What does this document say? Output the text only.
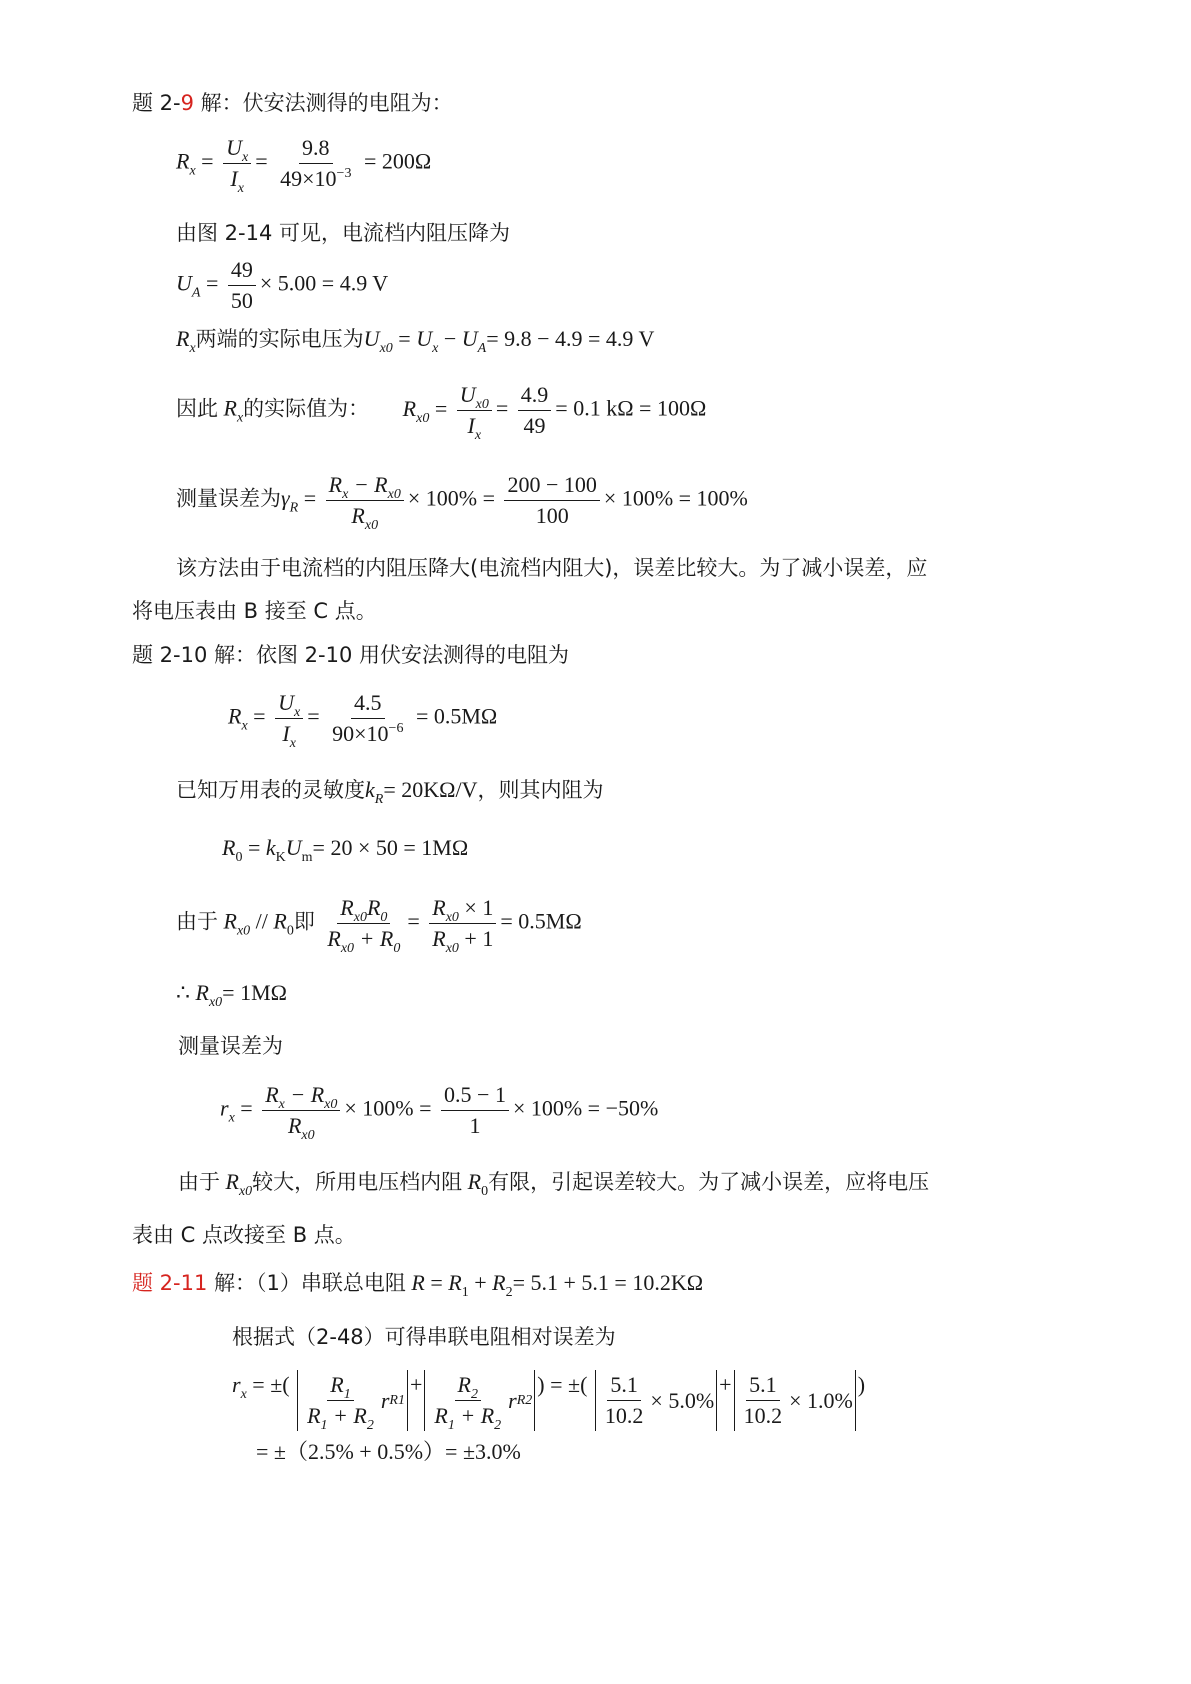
题 2-9 解：伏安法测得的电阻为：
$R_x = \frac{U_x}{I_x} = \frac{9.8}{49\times 10^{-3}} = 200\Omega$
由图 2-14 可见，电流档内阻压降为
$U_A = \frac{49}{50} \times 5.00 = 4.9$ V
$R_x$两端的实际电压为$U_{x0} = U_x - U_A= 9.8 - 4.9 = 4.9$ V
因此 $R_x$的实际值为： $R_{x0} = \frac{U_{x0}}{I_x} = \frac{4.9}{49} = 0.1$ kΩ = 100Ω
测量误差为$\gamma_R = \frac{R_x - R_{x0}}{R_{x0}} \times 100\% = \frac{200 - 100}{100} \times 100\% = 100\%$
该方法由于电流档的内阻压降大(电流档内阻大)，误差比较大。为了减小误差，应
将电压表由 B 接至 C 点。
题 2-10 解：依图 2-10 用伏安法测得的电阻为
$R_x = \frac{U_x}{I_x} = \frac{4.5}{90\times 10^{-6}} = 0.5M\Omega$
已知万用表的灵敏度$k_R= 20K\Omega/V$，则其内阻为
$R_0 = k_KU_m= 20 \times 50 = 1M\Omega$
由于 $R_{x0} // R_0$即 $\frac{R_{x0}R_0}{R_{x0} + R_0} = \frac{R_{x0} \times 1}{R_{x0} + 1} = 0.5M\Omega$
∴ $R_{x0}= 1M\Omega$
测量误差为
$r_x = \frac{R_x - R_{x0}}{R_{x0}} \times 100\% = \frac{0.5 - 1}{1} \times 100\% = -50\%$
由于 $R_{x0}$较大，所用电压档内阻 $R_0$有限，引起误差较大。为了减小误差，应将电压
表由 C 点改接至 B 点。
题 2-11 解：（1）串联总电阻 $R = R_1 + R_2= 5.1 + 5.1 = 10.2K\Omega$
根据式（2-48）可得串联电阻相对误差为
$r_x$ = ±( $\frac{R_1}{R_1 + R_2}$ r R1
+ $\frac{R_2}{R_1 + R_2}$ r R2
) = ±( $\frac{5.1}{10.2} \times 5.0\%$
+ $\frac{5.1}{10.2} \times 1.0\%$
)
= ±（2.5% + 0.5%）= ±3.0%
